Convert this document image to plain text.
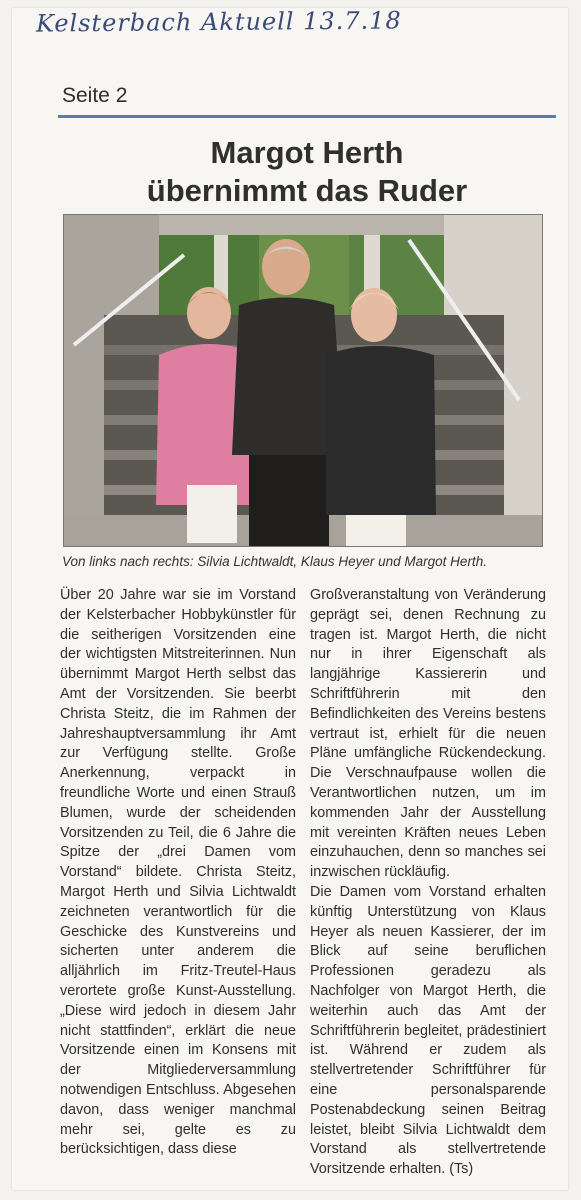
Kelsterbach Aktuell 13.7.18
Seite 2
Margot Herth
übernimmt das Ruder
Von links nach rechts: Silvia Lichtwaldt, Klaus Heyer und Margot Herth.

Über 20 Jahre war sie im Vorstand der Kelsterbacher Hobbykünstler für die seitherigen Vorsitzenden eine der wichtigsten Mitstreiterinnen. Nun übernimmt Margot Herth selbst das Amt der Vorsitzenden. Sie beerbt Christa Steitz, die im Rahmen der Jahreshauptversammlung ihr Amt zur Verfügung stellte. Große Anerkennung, verpackt in freundliche Worte und einen Strauß Blumen, wurde der scheidenden Vorsitzenden zu Teil, die 6 Jahre die Spitze der „drei Damen vom Vorstand“ bildete. Christa Steitz, Margot Herth und Silvia Lichtwaldt zeichneten verantwortlich für die Geschicke des Kunstvereins und sicherten unter anderem die alljährlich im Fritz-Treutel-Haus verortete große Kunst-Ausstellung. „Diese wird jedoch in diesem Jahr nicht stattfinden“, erklärt die neue Vorsitzende einen im Konsens mit der Mitgliederversammlung notwendigen Entschluss. Abgesehen davon, dass weniger manchmal mehr sei, gelte es zu berücksichtigen, dass diese

Großveranstaltung von Veränderung geprägt sei, denen Rechnung zu tragen ist. Margot Herth, die nicht nur in ihrer Eigenschaft als langjährige Kassiererin und Schriftführerin mit den Befindlichkeiten des Vereins bestens vertraut ist, erhielt für die neuen Pläne umfängliche Rückendeckung. Die Verschnaufpause wollen die Verantwortlichen nutzen, um im kommenden Jahr der Ausstellung mit vereinten Kräften neues Leben einzuhauchen, denn so manches sei inzwischen rückläufig.

Die Damen vom Vorstand erhalten künftig Unterstützung von Klaus Heyer als neuen Kassierer, der im Blick auf seine beruflichen Professionen geradezu als Nachfolger von Margot Herth, die weiterhin auch das Amt der Schriftführerin begleitet, prädestiniert ist. Während er zudem als stellvertretender Schriftführer für eine personalsparende Postenabdeckung seinen Beitrag leistet, bleibt Silvia Lichtwaldt dem Vorstand als stellvertretende Vorsitzende erhalten. (Ts)
